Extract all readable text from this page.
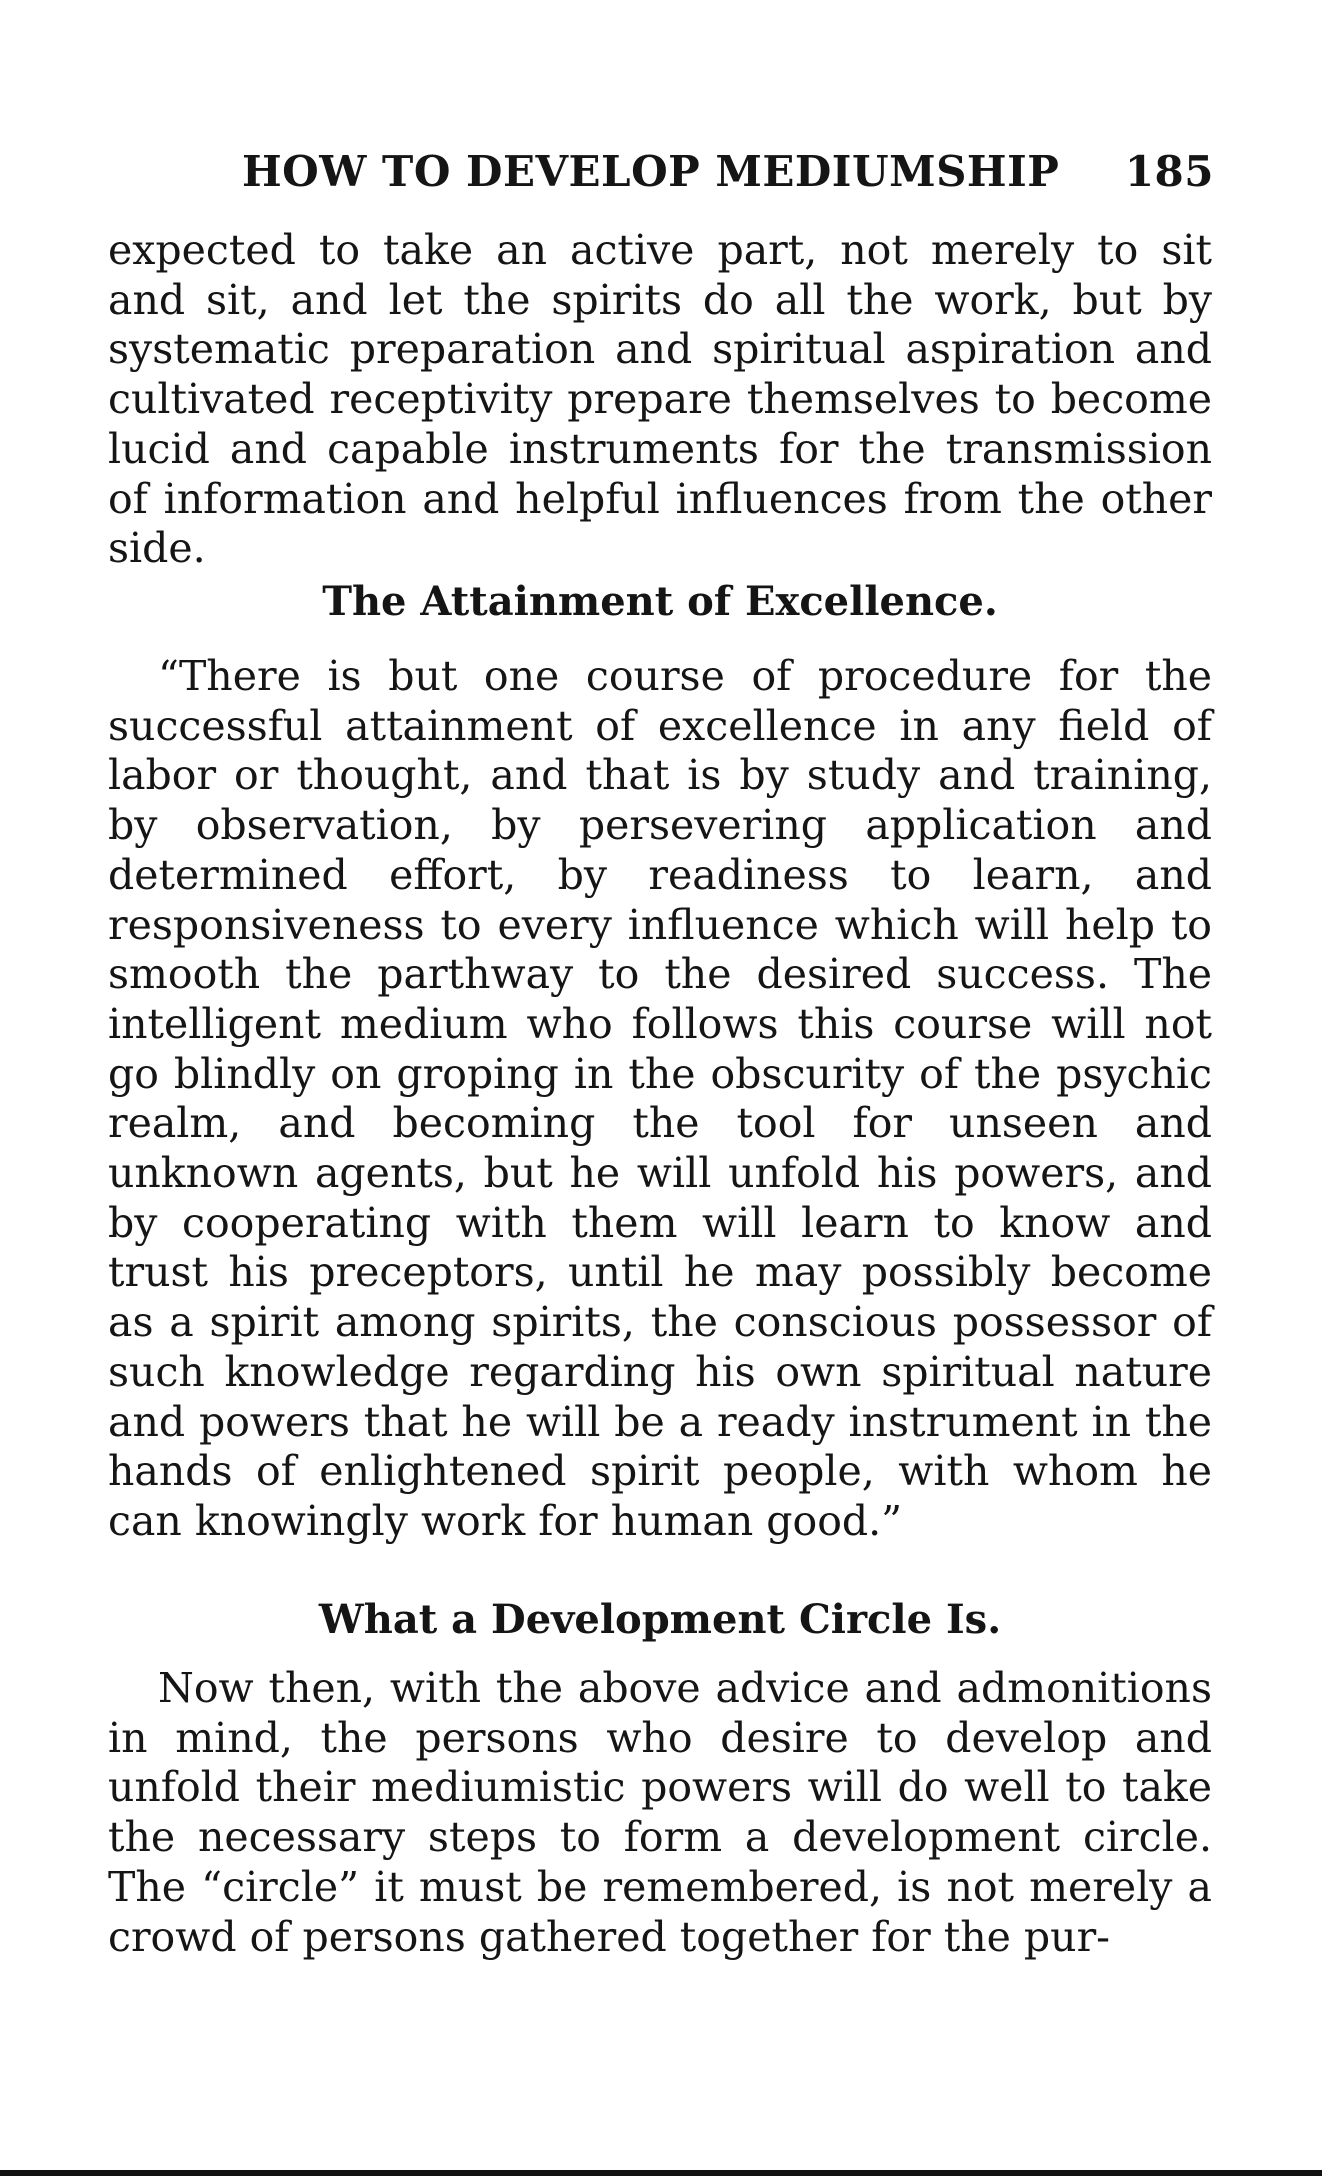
HOW TO DEVELOP MEDIUMSHIP 185

expected to take an active part, not merely to sit and sit, and let the spirits do all the work, but by systematic preparation and spiritual aspiration and cultivated receptivity prepare themselves to become lucid and capable instruments for the transmission of information and helpful influences from the other side.

The Attainment of Excellence.

“There is but one course of procedure for the successful attainment of excellence in any field of labor or thought, and that is by study and training, by observation, by persevering application and determined effort, by readiness to learn, and responsiveness to every influence which will help to smooth the parthway to the desired success. The intelligent medium who follows this course will not go blindly on groping in the obscurity of the psychic realm, and becoming the tool for unseen and unknown agents, but he will unfold his powers, and by cooperating with them will learn to know and trust his preceptors, until he may possibly become as a spirit among spirits, the conscious possessor of such knowledge regarding his own spiritual nature and powers that he will be a ready instrument in the hands of enlightened spirit people, with whom he can knowingly work for human good.”

What a Development Circle Is.

Now then, with the above advice and admonitions in mind, the persons who desire to develop and unfold their mediumistic powers will do well to take the necessary steps to form a development circle. The “circle” it must be remembered, is not merely a crowd of persons gathered together for the pur-
